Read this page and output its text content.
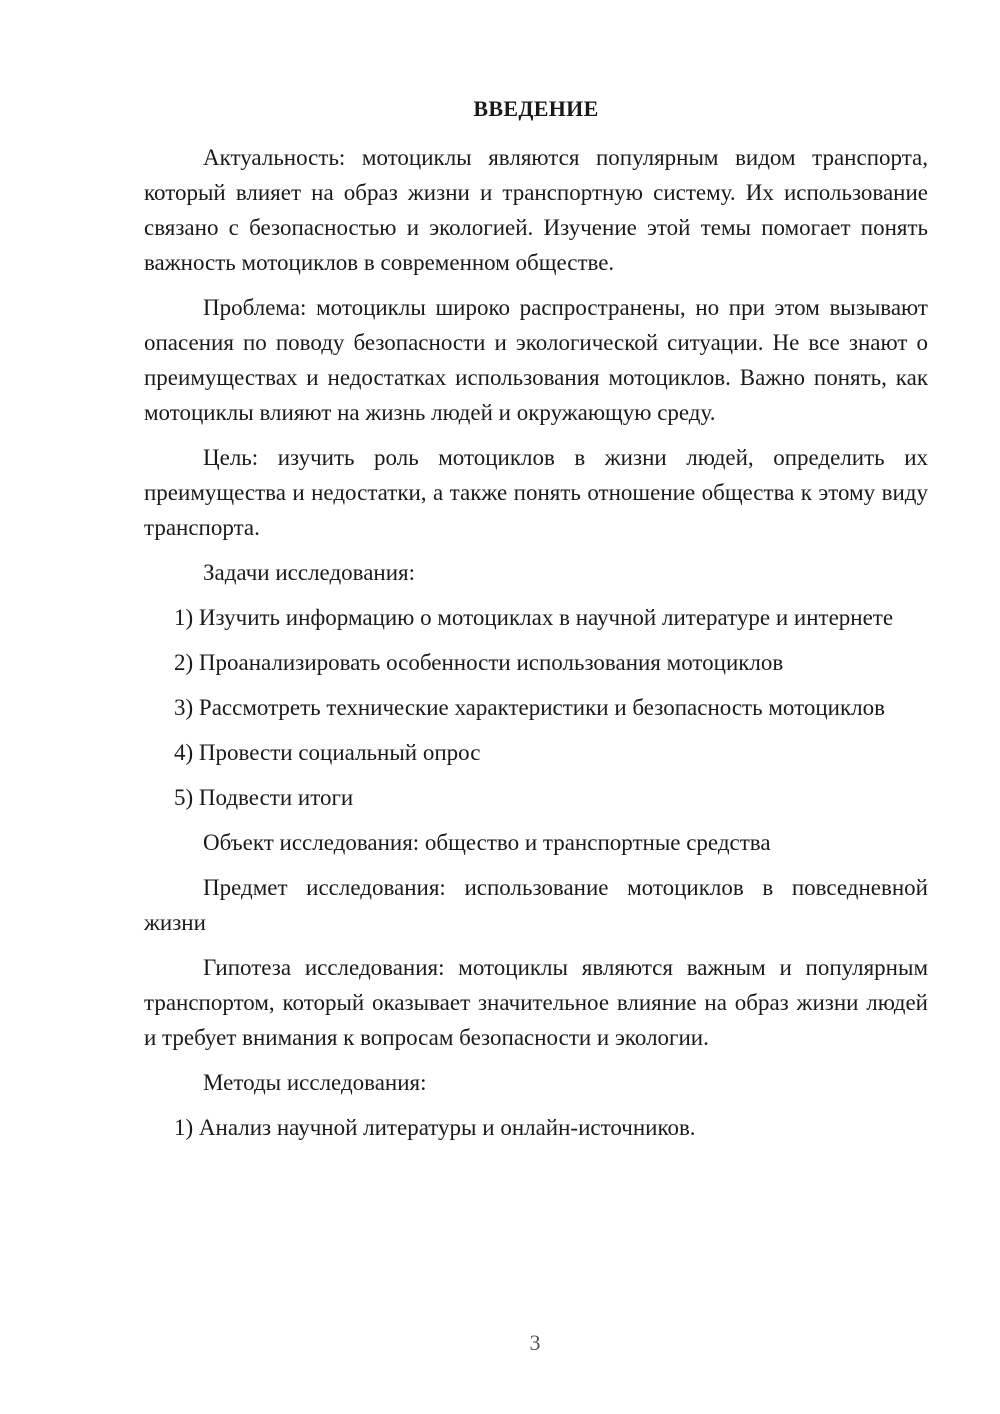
ВВЕДЕНИЕ
Актуальность: мотоциклы являются популярным видом транспорта, который влияет на образ жизни и транспортную систему. Их использование связано с безопасностью и экологией. Изучение этой темы помогает понять важность мотоциклов в современном обществе.
Проблема: мотоциклы широко распространены, но при этом вызывают опасения по поводу безопасности и экологической ситуации. Не все знают о преимуществах и недостатках использования мотоциклов. Важно понять, как мотоциклы влияют на жизнь людей и окружающую среду.
Цель: изучить роль мотоциклов в жизни людей, определить их преимущества и недостатки, а также понять отношение общества к этому виду транспорта.
Задачи исследования:
1) Изучить информацию о мотоциклах в научной литературе и интернете
2) Проанализировать особенности использования мотоциклов
3) Рассмотреть технические характеристики и безопасность мотоциклов
4) Провести социальный опрос
5) Подвести итоги
Объект исследования: общество и транспортные средства
Предмет исследования: использование мотоциклов в повседневной жизни
Гипотеза исследования: мотоциклы являются важным и популярным транспортом, который оказывает значительное влияние на образ жизни людей и требует внимания к вопросам безопасности и экологии.
Методы исследования:
1) Анализ научной литературы и онлайн-источников.
3
